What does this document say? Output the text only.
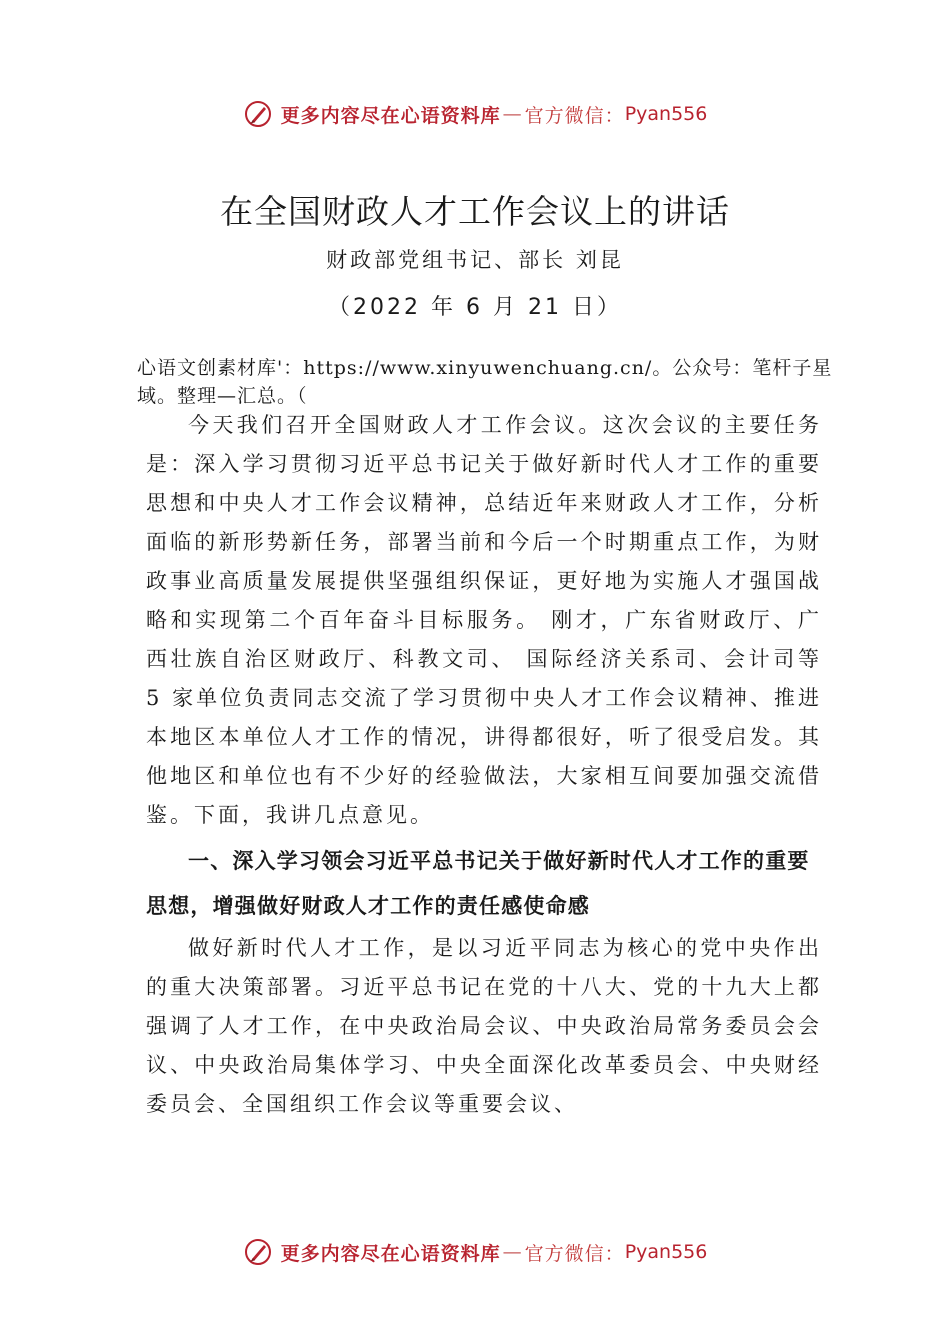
更多内容尽在心语资料库 — 官方微信： Pyan556
在全国财政人才工作会议上的讲话
财政部党组书记、部长 刘昆
（2022 年 6 月 21 日）
心语文创素材库'：https://www.xinyuwenchuang.cn/。公众号：笔杆子星域。整理—汇总。（

今天我们召开全国财政人才工作会议。这次会议的主要任务是：深入学习贯彻习近平总书记关于做好新时代人才工作的重要思想和中央人才工作会议精神，总结近年来财政人才工作，分析面临的新形势新任务，部署当前和今后一个时期重点工作，为财政事业高质量发展提供坚强组织保证，更好地为实施人才强国战略和实现第二个百年奋斗目标服务。 刚才，广东省财政厅、广西壮族自治区财政厅、科教文司、 国际经济关系司、会计司等 5 家单位负责同志交流了学习贯彻中央人才工作会议精神、推进本地区本单位人才工作的情况，讲得都很好，听了很受启发。其他地区和单位也有不少好的经验做法，大家相互间要加强交流借鉴。下面，我讲几点意见。

一、深入学习领会习近平总书记关于做好新时代人才工作的重要思想，增强做好财政人才工作的责任感使命感

做好新时代人才工作，是以习近平同志为核心的党中央作出的重大决策部署。习近平总书记在党的十八大、党的十九大上都强调了人才工作，在中央政治局会议、中央政治局常务委员会会议、中央政治局集体学习、中央全面深化改革委员会、中央财经委员会、全国组织工作会议等重要会议、

更多内容尽在心语资料库 — 官方微信： Pyan556
